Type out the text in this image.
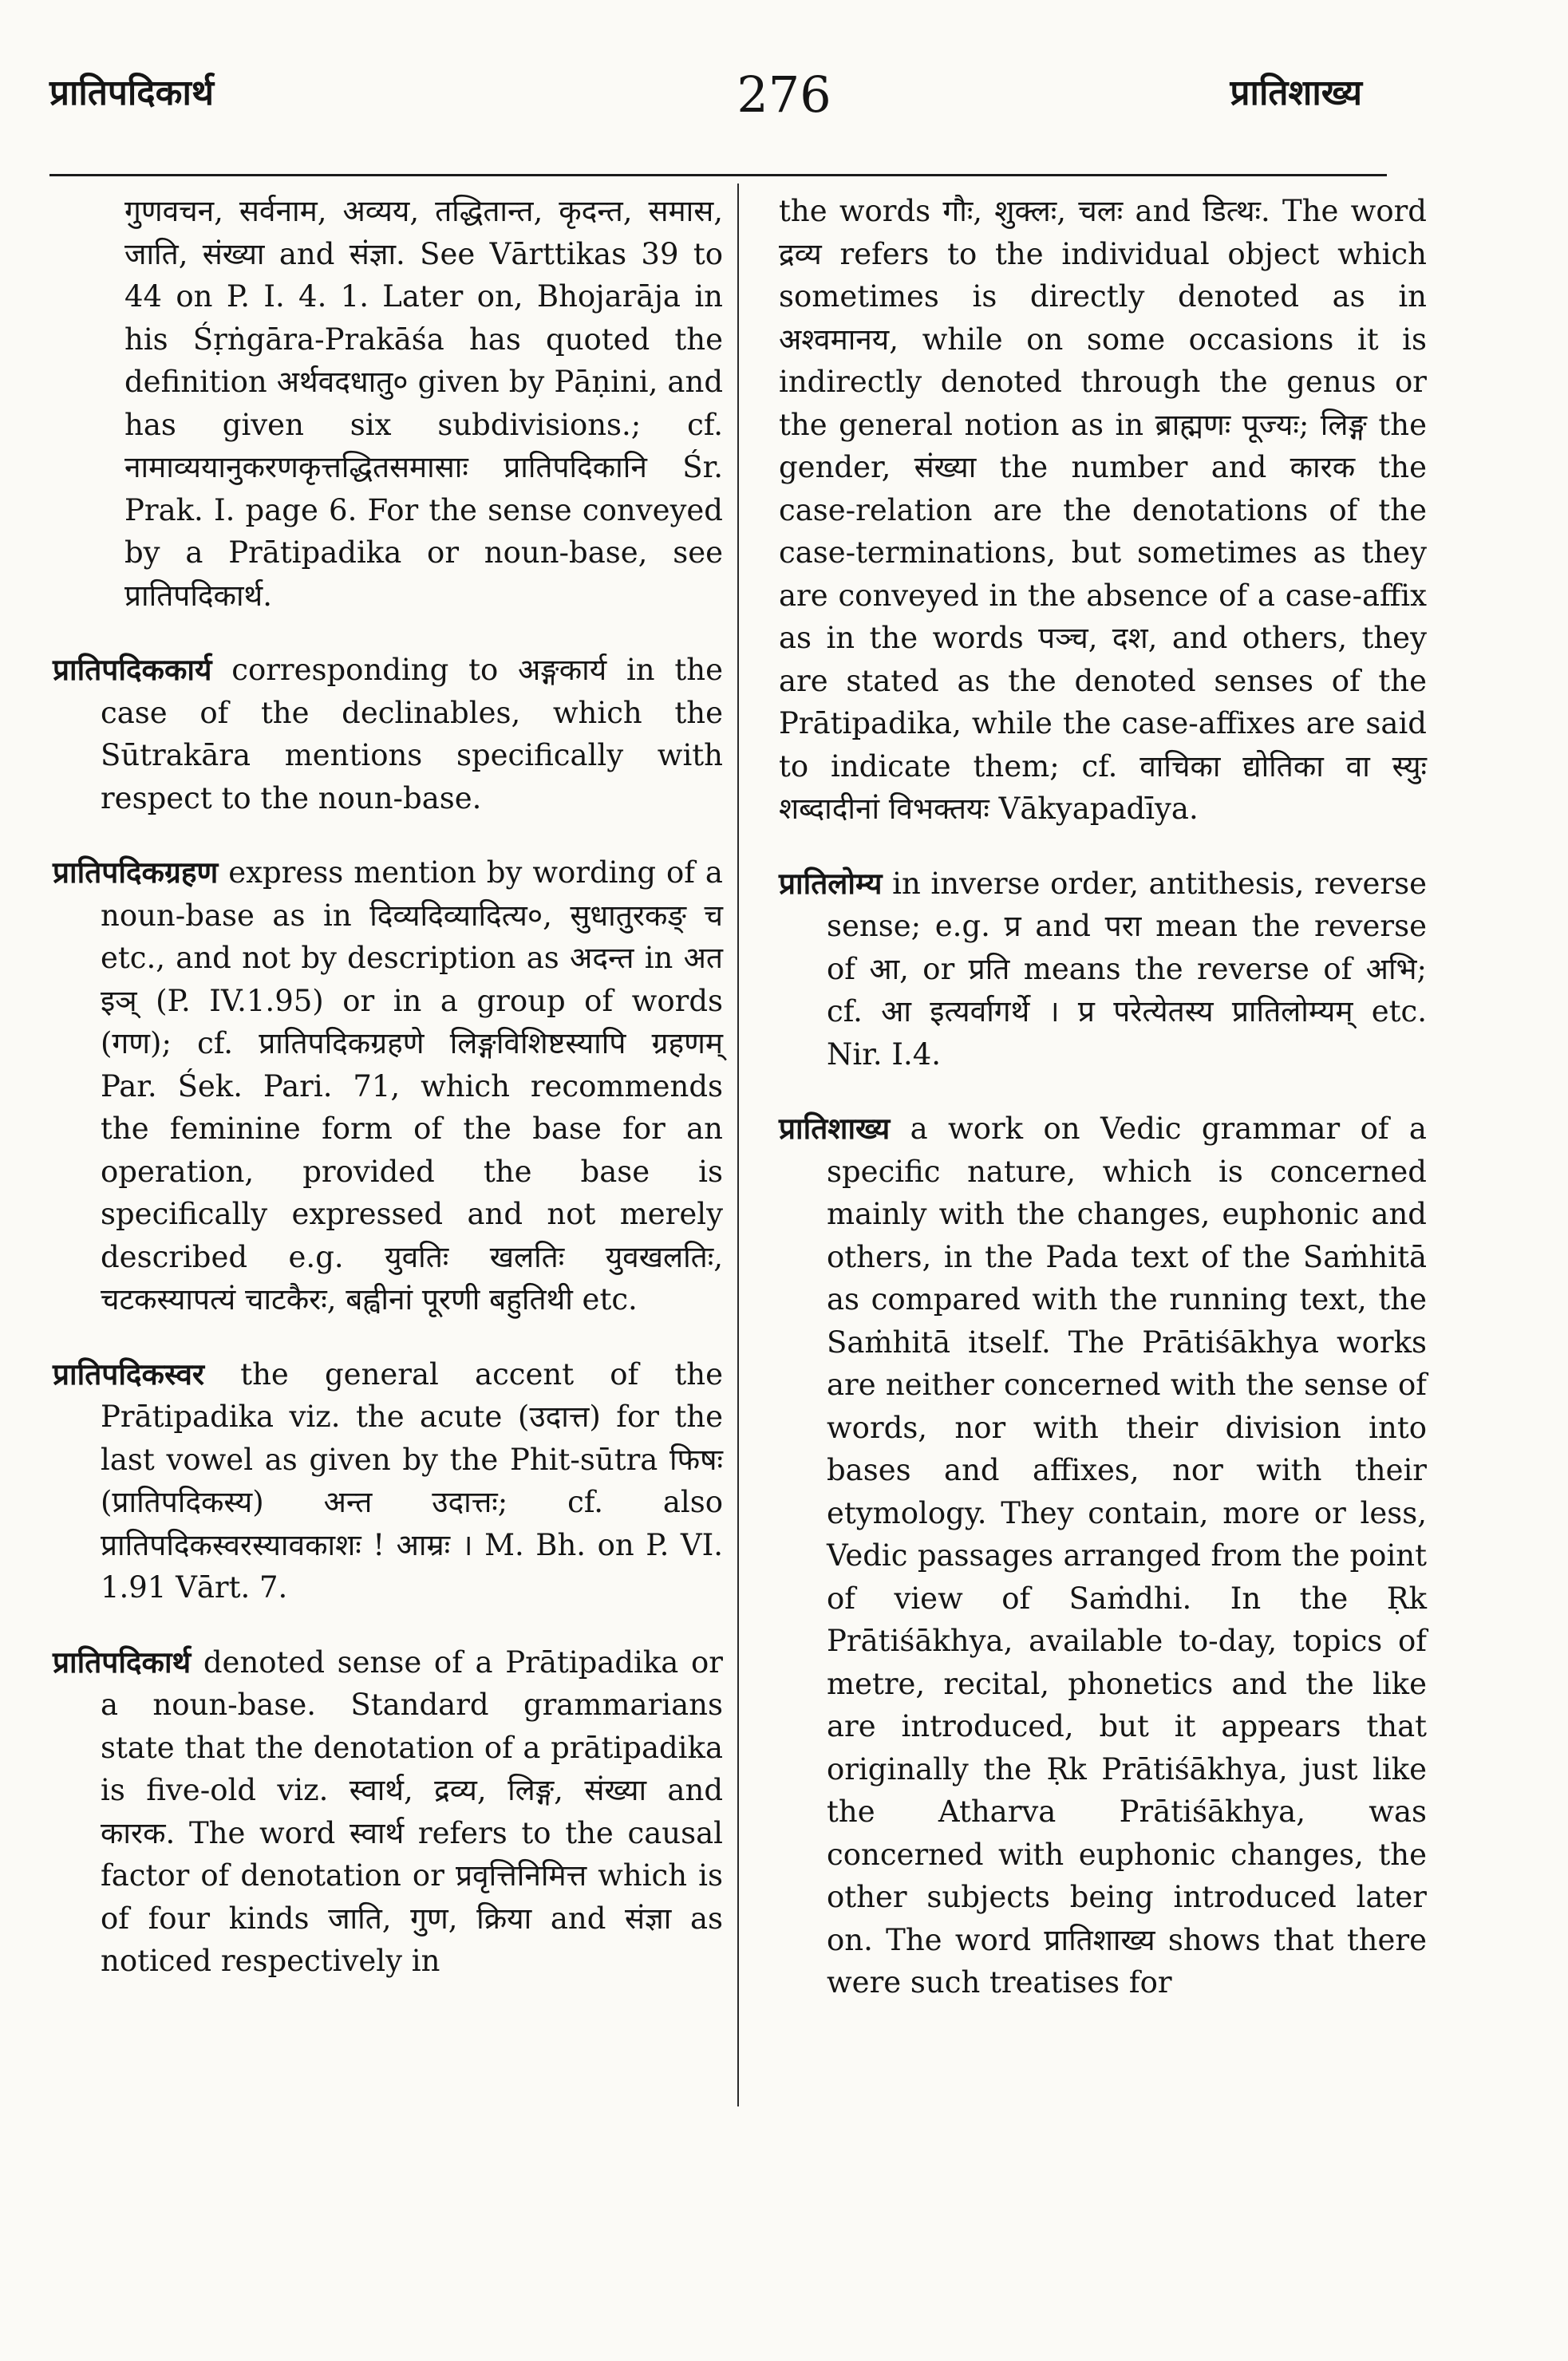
प्रातिपदिकार्थ	276	प्रातिशाख्य

गुणवचन, सर्वनाम, अव्यय, तद्धितान्त, कृदन्त, समास, जाति, संख्या and संज्ञा. See Vārttikas 39 to 44 on P. I. 4. 1. Later on, Bhojarāja in his Śṛṅgāra-Prakāśa has quoted the definition अर्थवदधातु० given by Pāṇini, and has given six subdivisions.; cf. नामाव्ययानुकरणकृत्तद्धितसमासाः प्रातिपदिकानि Śr. Prak. I. page 6. For the sense conveyed by a Prātipadika or noun-base, see प्रातिपदिकार्थ.

प्रातिपदिककार्य corresponding to अङ्गकार्य in the case of the declinables, which the Sūtrakāra mentions specifically with respect to the noun-base.

प्रातिपदिकग्रहण express mention by wording of a noun-base as in दिव्यदिव्यादित्य०, सुधातुरकङ् च etc., and not by description as अदन्त in अत इञ् (P. IV.1.95) or in a group of words (गण); cf. प्रातिपदिकग्रहणे लिङ्गविशिष्टस्यापि ग्रहणम् Par. Śek. Pari. 71, which recommends the feminine form of the base for an operation, provided the base is specifically expressed and not merely described e.g. युवतिः खलतिः युवखलतिः, चटकस्यापत्यं चाटकैरः, बह्वीनां पूरणी बहुतिथी etc.

प्रातिपदिकस्वर the general accent of the Prātipadika viz. the acute (उदात्त) for the last vowel as given by the Phit-sūtra फिषः (प्रातिपदिकस्य) अन्त उदात्तः; cf. also प्रातिपदिकस्वरस्यावकाशः ! आम्रः । M. Bh. on P. VI. 1.91 Vārt. 7.

प्रातिपदिकार्थ denoted sense of a Prātipadika or a noun-base. Standard grammarians state that the denotation of a prātipadika is five-old viz. स्वार्थ, द्रव्य, लिङ्ग, संख्या and कारक. The word स्वार्थ refers to the causal factor of denotation or प्रवृत्तिनिमित्त which is of four kinds जाति, गुण, क्रिया and संज्ञा as noticed respectively in

the words गौः, शुक्लः, चलः and डित्थः. The word द्रव्य refers to the individual object which sometimes is directly denoted as in अश्वमानय, while on some occasions it is indirectly denoted through the genus or the general notion as in ब्राह्मणः पूज्यः; लिङ्ग the gender, संख्या the number and कारक the case-relation are the denotations of the case-terminations, but sometimes as they are conveyed in the absence of a case-affix as in the words पञ्च, दश, and others, they are stated as the denoted senses of the Prātipadika, while the case-affixes are said to indicate them; cf. वाचिका द्योतिका वा स्युः शब्दादीनां विभक्तयः Vākyapadīya.

प्रातिलोम्य in inverse order, antithesis, reverse sense; e.g. प्र and परा mean the reverse of आ, or प्रति means the reverse of अभि; cf. आ इत्यर्वागर्थे । प्र परेत्येतस्य प्रातिलोम्यम् etc. Nir. I.4.

प्रातिशाख्य a work on Vedic grammar of a specific nature, which is concerned mainly with the changes, euphonic and others, in the Pada text of the Saṁhitā as compared with the running text, the Saṁhitā itself. The Prātiśākhya works are neither concerned with the sense of words, nor with their division into bases and affixes, nor with their etymology. They contain, more or less, Vedic passages arranged from the point of view of Saṁdhi. In the Ṛk Prātiśākhya, available to-day, topics of metre, recital, phonetics and the like are introduced, but it appears that originally the Ṛk Prātiśākhya, just like the Atharva Prātiśākhya, was concerned with euphonic changes, the other subjects being introduced later on. The word प्रातिशाख्य shows that there were such treatises for
